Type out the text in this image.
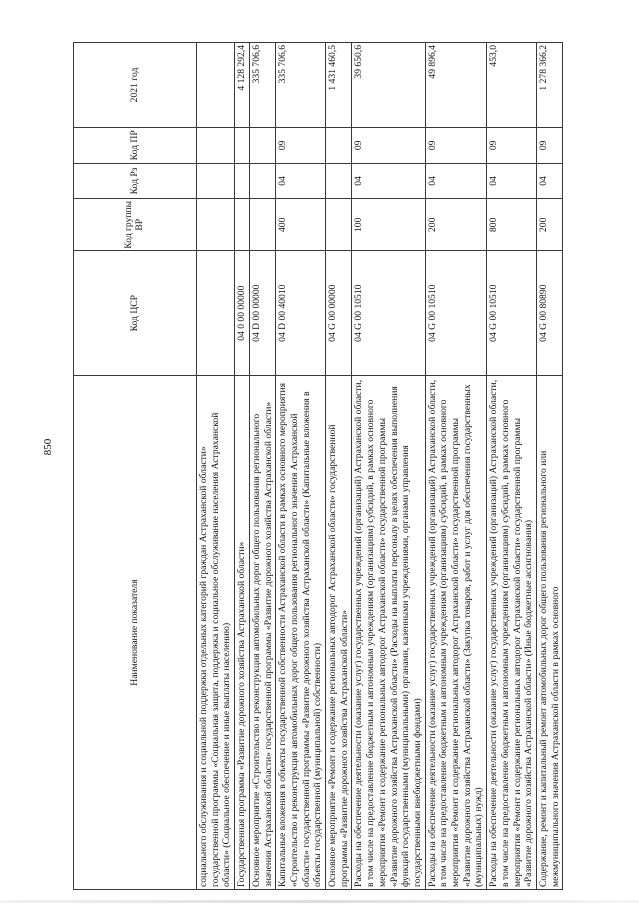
850
Наименование показателя	Код ЦСР	Код группы ВР	Код Рз	Код ПР	2021 год
социального обслуживания и социальной поддержки отдельных категорий граждан Астраханской области» государственной программы «Социальная защита, поддержка и социальное обслуживание населения Астраханской области» (Социальное обеспечение и иные выплаты населению)					
Государственная программа «Развитие дорожного хозяйства Астраханской области»	04 0 00 00000				4 128 292,4
Основное мероприятие «Строительство и реконструкция автомобильных дорог общего пользования регионального значения Астраханской области» государственной программы «Развитие дорожного хозяйства Астраханской области»	04 D 00 00000				335 706,6
Капитальные вложения в объекты государственной собственности Астраханской области в рамках основного мероприятия «Строительство и реконструкция автомобильных дорог общего пользования регионального значения Астраханской области» государственной программы «Развитие дорожного хозяйства Астраханской области» (Капитальные вложения в объекты государственной (муниципальной) собственности)	04 D 00 40010	400	04	09	335 706,6
Основное мероприятие «Ремонт и содержание региональных автодорог Астраханской области» государственной программы «Развитие дорожного хозяйства Астраханской области»	04 G 00 00000				1 431 460,5
Расходы на обеспечение деятельности (оказание услуг) государственных учреждений (организаций) Астраханской области, в том числе на предоставление бюджетным и автономным учреждениям (организациям) субсидий, в рамках основного мероприятия «Ремонт и содержание региональных автодорог Астраханской области» государственной программы «Развитие дорожного хозяйства Астраханской области» (Расходы на выплаты персоналу в целях обеспечения выполнения функций государственными (муниципальными) органами, казенными учреждениями, органами управления государственными внебюджетными фондами)	04 G 00 10510	100	04	09	39 650,6
Расходы на обеспечение деятельности (оказание услуг) государственных учреждений (организаций) Астраханской области, в том числе на предоставление бюджетным и автономным учреждениям (организациям) субсидий, в рамках основного мероприятия «Ремонт и содержание региональных автодорог Астраханской области» государственной программы «Развитие дорожного хозяйства Астраханской области» (Закупка товаров, работ и услуг для обеспечения государственных (муниципальных) нужд)	04 G 00 10510	200	04	09	49 896,4
Расходы на обеспечение деятельности (оказание услуг) государственных учреждений (организаций) Астраханской области, в том числе на предоставление бюджетным и автономным учреждениям (организациям) субсидий, в рамках основного мероприятия «Ремонт и содержание региональных автодорог Астраханской области» государственной программы «Развитие дорожного хозяйства Астраханской области» (Иные бюджетные ассигнования)	04 G 00 10510	800	04	09	453,0
Содержание, ремонт и капитальный ремонт автомобильных дорог общего пользования регионального или межмуниципального значения Астраханской области в рамках основного	04 G 00 80890	200	04	09	1 278 366,2
